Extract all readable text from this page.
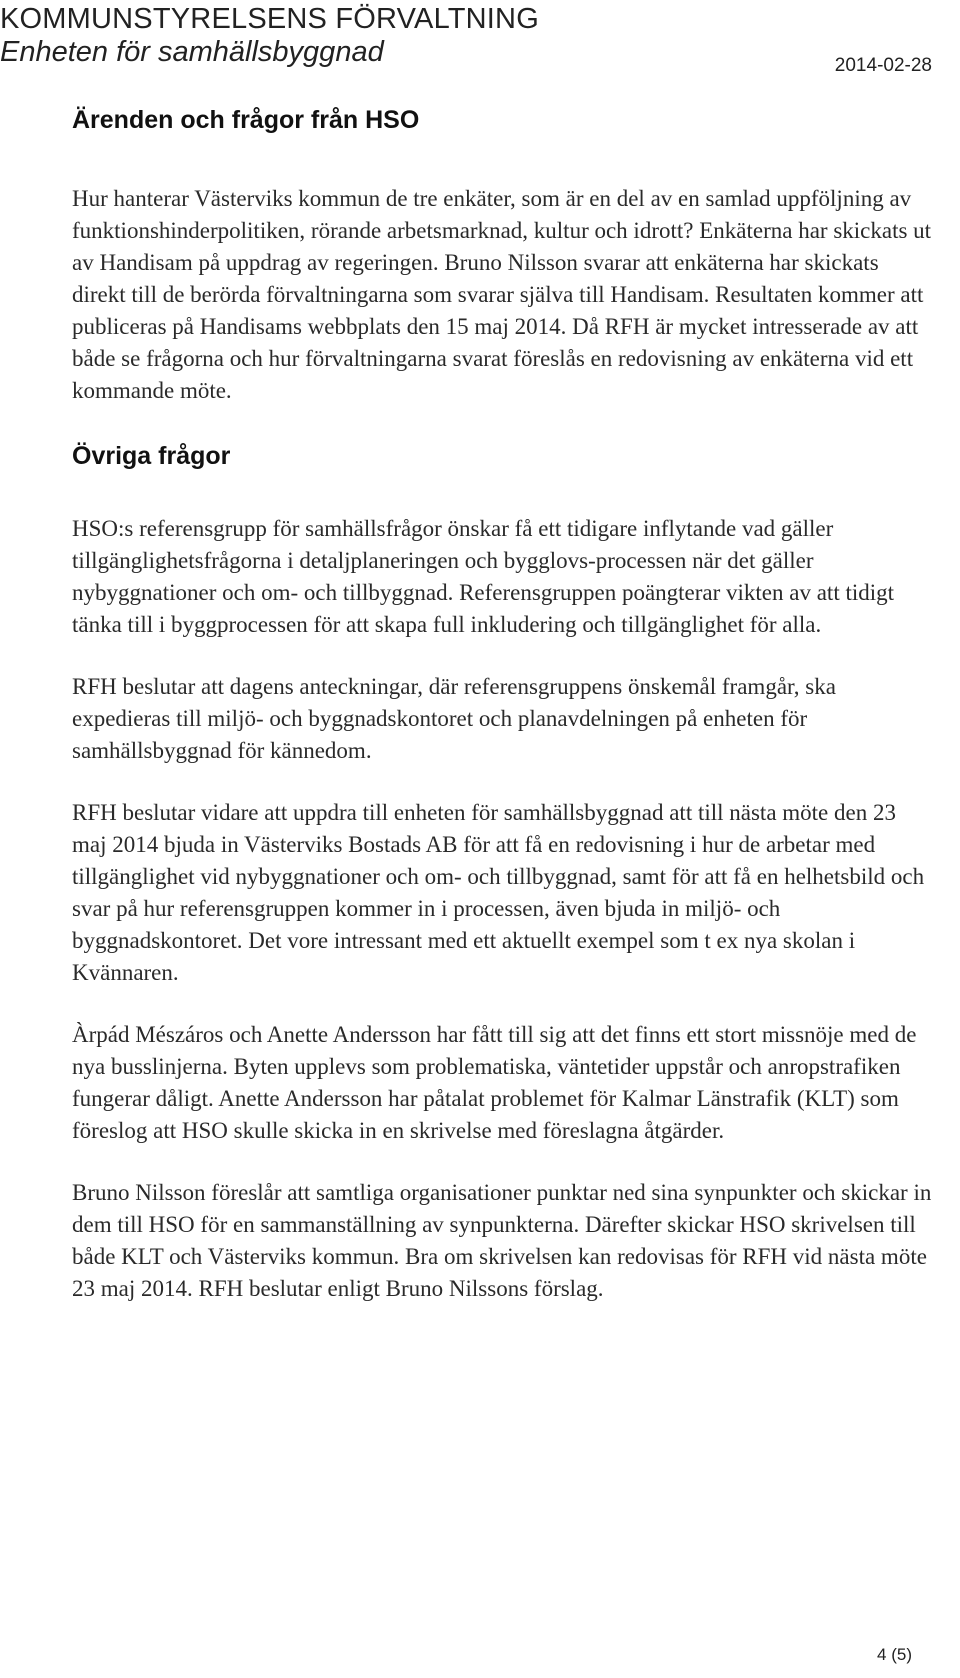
KOMMUNSTYRELSENS FÖRVALTNING
Enheten för samhällsbyggnad	2014-02-28
Ärenden och frågor från HSO

Hur hanterar Västerviks kommun de tre enkäter, som är en del av en samlad uppföljning av funktionshinderpolitiken, rörande arbetsmarknad, kultur och idrott? Enkäterna har skickats ut av Handisam på uppdrag av regeringen. Bruno Nilsson svarar att enkäterna har skickats direkt till de berörda förvaltningarna som svarar själva till Handisam. Resultaten kommer att publiceras på Handisams webbplats den 15 maj 2014. Då RFH är mycket intresserade av att både se frågorna och hur förvaltningarna svarat föreslås en redovisning av enkäterna vid ett kommande möte.

Övriga frågor

HSO:s referensgrupp för samhällsfrågor önskar få ett tidigare inflytande vad gäller tillgänglighetsfrågorna i detaljplaneringen och bygglovs-processen när det gäller nybyggnationer och om- och tillbyggnad. Referensgruppen poängterar vikten av att tidigt tänka till i byggprocessen för att skapa full inkludering och tillgänglighet för alla.

RFH beslutar att dagens anteckningar, där referensgruppens önskemål framgår, ska expedieras till miljö- och byggnadskontoret och planavdelningen på enheten för samhällsbyggnad för kännedom.

RFH beslutar vidare att uppdra till enheten för samhällsbyggnad att till nästa möte den 23 maj 2014 bjuda in Västerviks Bostads AB för att få en redovisning i hur de arbetar med tillgänglighet vid nybyggnationer och om- och tillbyggnad, samt för att få en helhetsbild och svar på hur referensgruppen kommer in i processen, även bjuda in miljö- och byggnadskontoret. Det vore intressant med ett aktuellt exempel som t ex nya skolan i Kvännaren.

Àrpád Mészáros och Anette Andersson har fått till sig att det finns ett stort missnöje med de nya busslinjerna. Byten upplevs som problematiska, väntetider uppstår och anropstrafiken fungerar dåligt. Anette Andersson har påtalat problemet för Kalmar Länstrafik (KLT) som föreslog att HSO skulle skicka in en skrivelse med föreslagna åtgärder.

Bruno Nilsson föreslår att samtliga organisationer punktar ned sina synpunkter och skickar in dem till HSO för en sammanställning av synpunkterna. Därefter skickar HSO skrivelsen till både KLT och Västerviks kommun. Bra om skrivelsen kan redovisas för RFH vid nästa möte 23 maj 2014. RFH beslutar enligt Bruno Nilssons förslag.

4 (5)
